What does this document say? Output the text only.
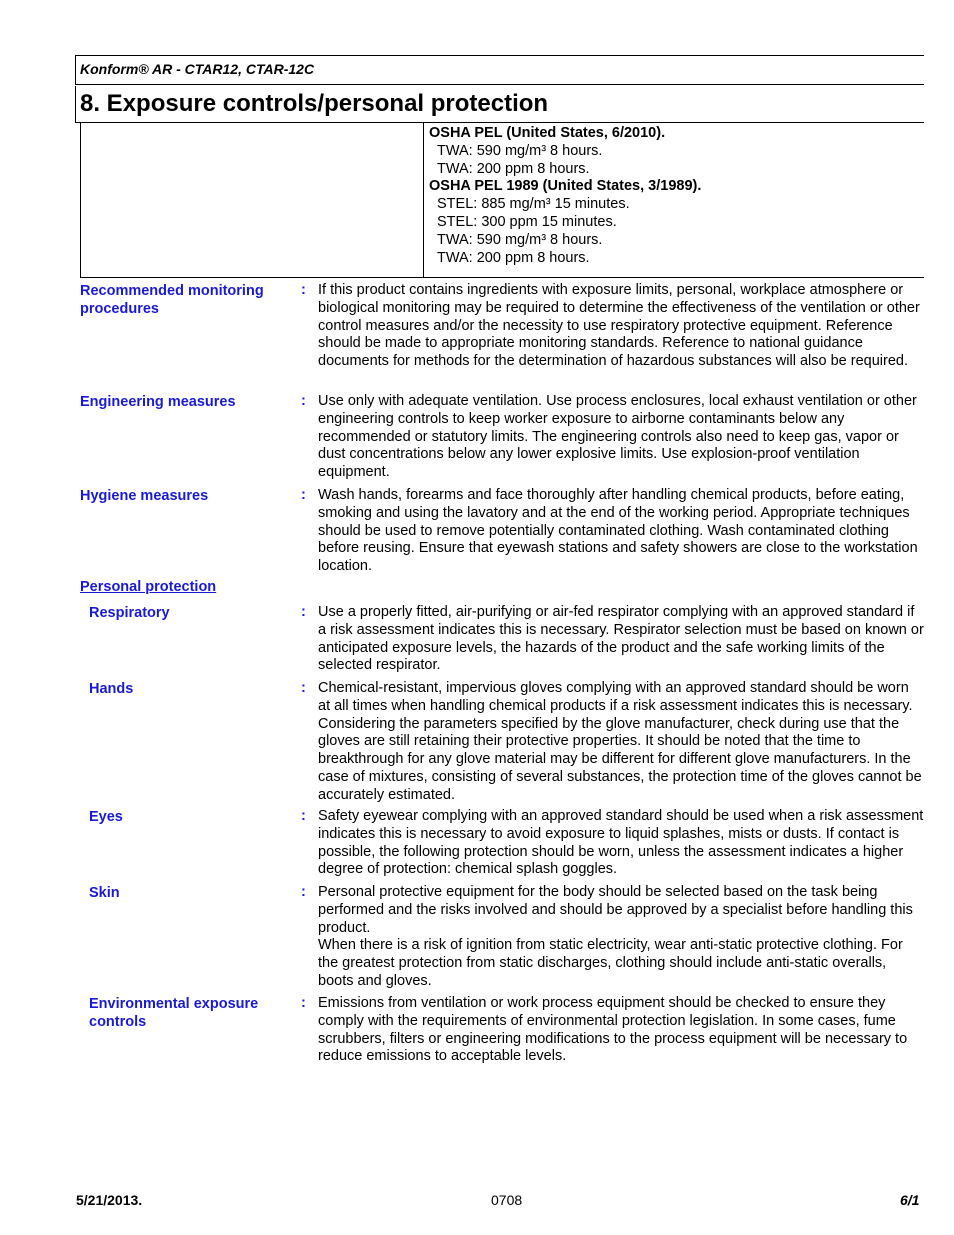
Konform® AR - CTAR12, CTAR-12C
8. Exposure controls/personal protection
OSHA PEL (United States, 6/2010).
TWA: 590 mg/m³ 8 hours.
TWA: 200 ppm 8 hours.
OSHA PEL 1989 (United States, 3/1989).
STEL: 885 mg/m³ 15 minutes.
STEL: 300 ppm 15 minutes.
TWA: 590 mg/m³ 8 hours.
TWA: 200 ppm 8 hours.
Recommended monitoring procedures
: If this product contains ingredients with exposure limits, personal, workplace atmosphere or biological monitoring may be required to determine the effectiveness of the ventilation or other control measures and/or the necessity to use respiratory protective equipment. Reference should be made to appropriate monitoring standards. Reference to national guidance documents for methods for the determination of hazardous substances will also be required.
Engineering measures	: Use only with adequate ventilation. Use process enclosures, local exhaust ventilation or other engineering controls to keep worker exposure to airborne contaminants below any recommended or statutory limits. The engineering controls also need to keep gas, vapor or dust concentrations below any lower explosive limits. Use explosion-proof ventilation equipment.
Hygiene measures	: Wash hands, forearms and face thoroughly after handling chemical products, before eating, smoking and using the lavatory and at the end of the working period. Appropriate techniques should be used to remove potentially contaminated clothing. Wash contaminated clothing before reusing. Ensure that eyewash stations and safety showers are close to the workstation location.
Personal protection
Respiratory	: Use a properly fitted, air-purifying or air-fed respirator complying with an approved standard if a risk assessment indicates this is necessary. Respirator selection must be based on known or anticipated exposure levels, the hazards of the product and the safe working limits of the selected respirator.
Hands	: Chemical-resistant, impervious gloves complying with an approved standard should be worn at all times when handling chemical products if a risk assessment indicates this is necessary. Considering the parameters specified by the glove manufacturer, check during use that the gloves are still retaining their protective properties. It should be noted that the time to breakthrough for any glove material may be different for different glove manufacturers. In the case of mixtures, consisting of several substances, the protection time of the gloves cannot be accurately estimated.
Eyes	: Safety eyewear complying with an approved standard should be used when a risk assessment indicates this is necessary to avoid exposure to liquid splashes, mists or dusts. If contact is possible, the following protection should be worn, unless the assessment indicates a higher degree of protection: chemical splash goggles.
Skin	: Personal protective equipment for the body should be selected based on the task being performed and the risks involved and should be approved by a specialist before handling this product.
When there is a risk of ignition from static electricity, wear anti-static protective clothing. For the greatest protection from static discharges, clothing should include anti-static overalls, boots and gloves.
Environmental exposure controls
: Emissions from ventilation or work process equipment should be checked to ensure they comply with the requirements of environmental protection legislation. In some cases, fume scrubbers, filters or engineering modifications to the process equipment will be necessary to reduce emissions to acceptable levels.
5/21/2013.	0708	6/1
